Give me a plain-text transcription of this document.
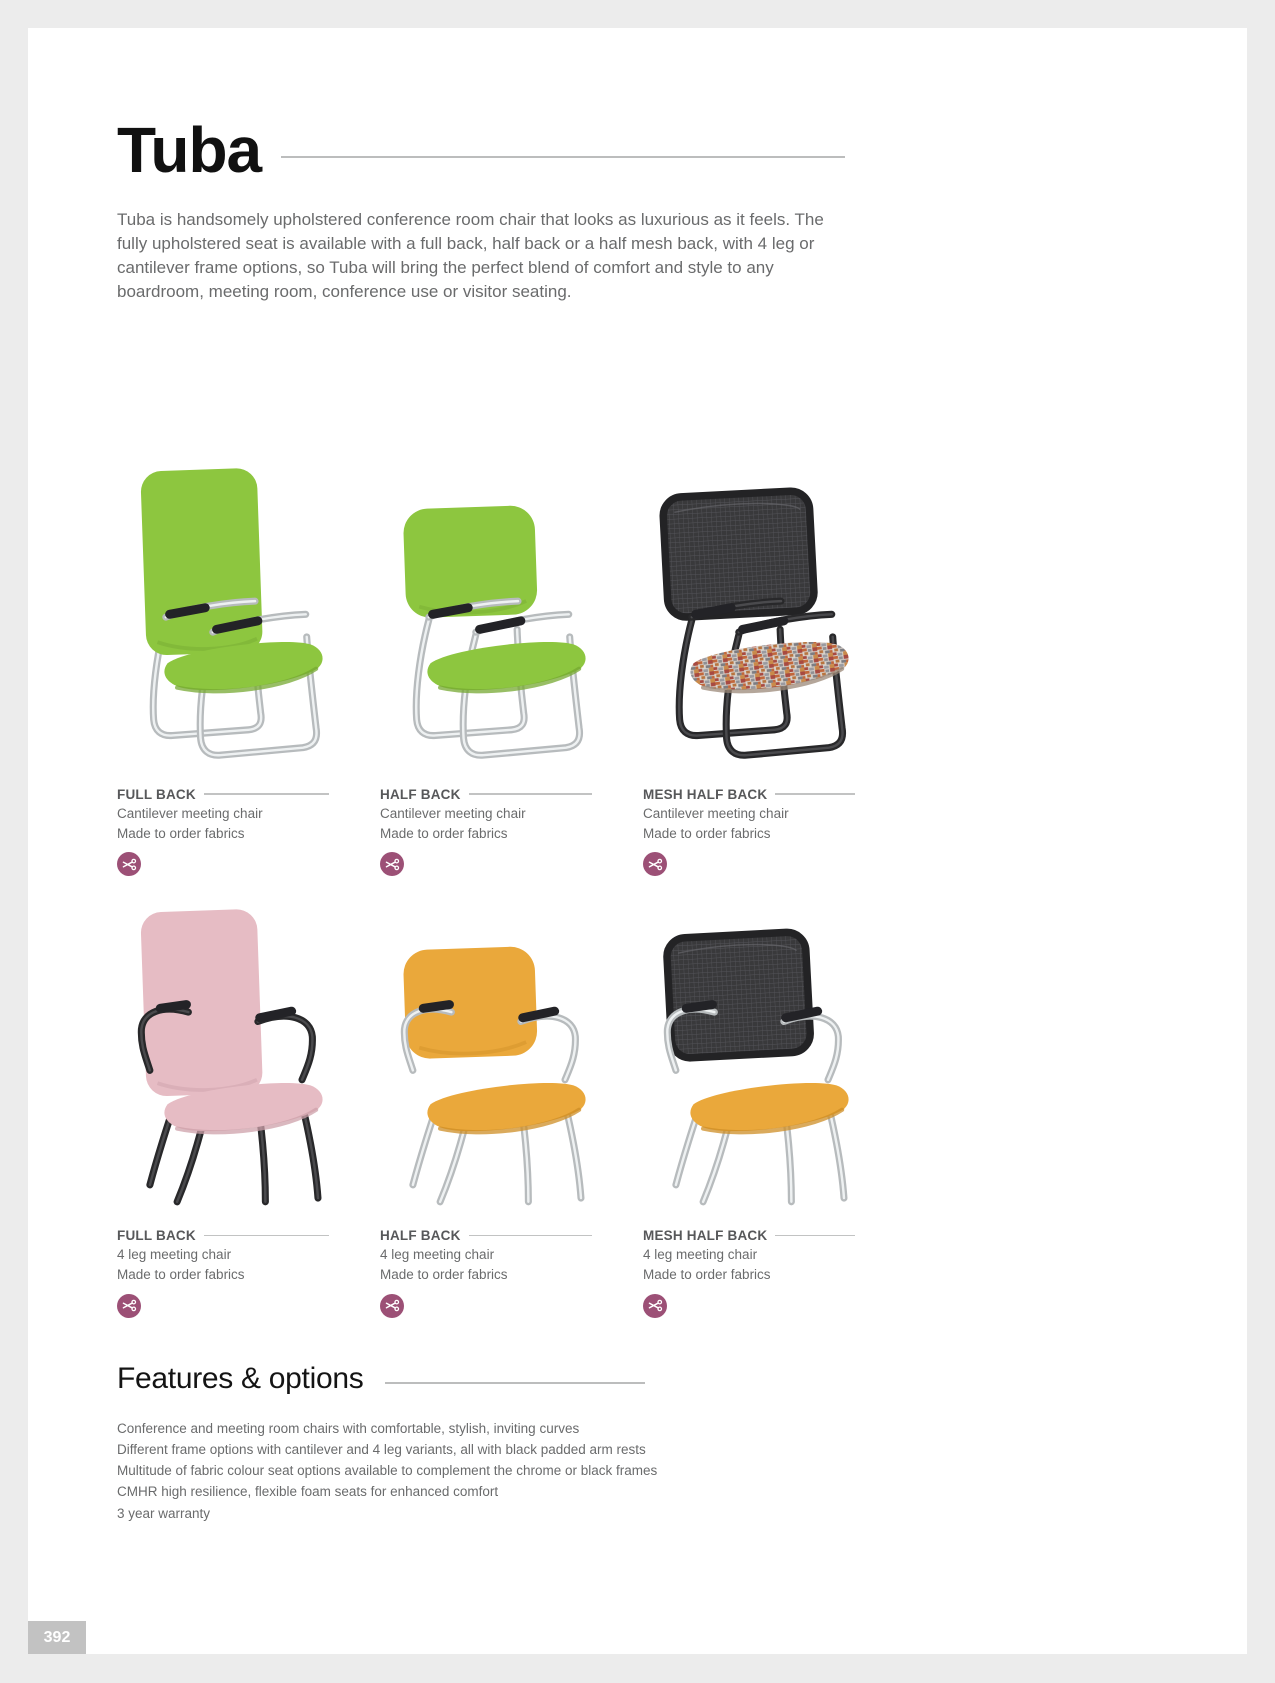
Tuba
Tuba is handsomely upholstered conference room chair that looks as luxurious as it feels. The fully upholstered seat is available with a full back, half back or a half mesh back, with 4 leg or cantilever frame options, so Tuba will bring the perfect blend of comfort and style to any boardroom, meeting room, conference use or visitor seating.
FULL BACK
Cantilever meeting chair
Made to order fabrics
HALF BACK
Cantilever meeting chair
Made to order fabrics
MESH HALF BACK
Cantilever meeting chair
Made to order fabrics
FULL BACK
4 leg meeting chair
Made to order fabrics
HALF BACK
4 leg meeting chair
Made to order fabrics
MESH HALF BACK
4 leg meeting chair
Made to order fabrics
Features & options
Conference and meeting room chairs with comfortable, stylish, inviting curves
Different frame options with cantilever and 4 leg variants, all with black padded arm rests
Multitude of fabric colour seat options available to complement the chrome or black frames
CMHR high resilience, flexible foam seats for enhanced comfort
3 year warranty
392
